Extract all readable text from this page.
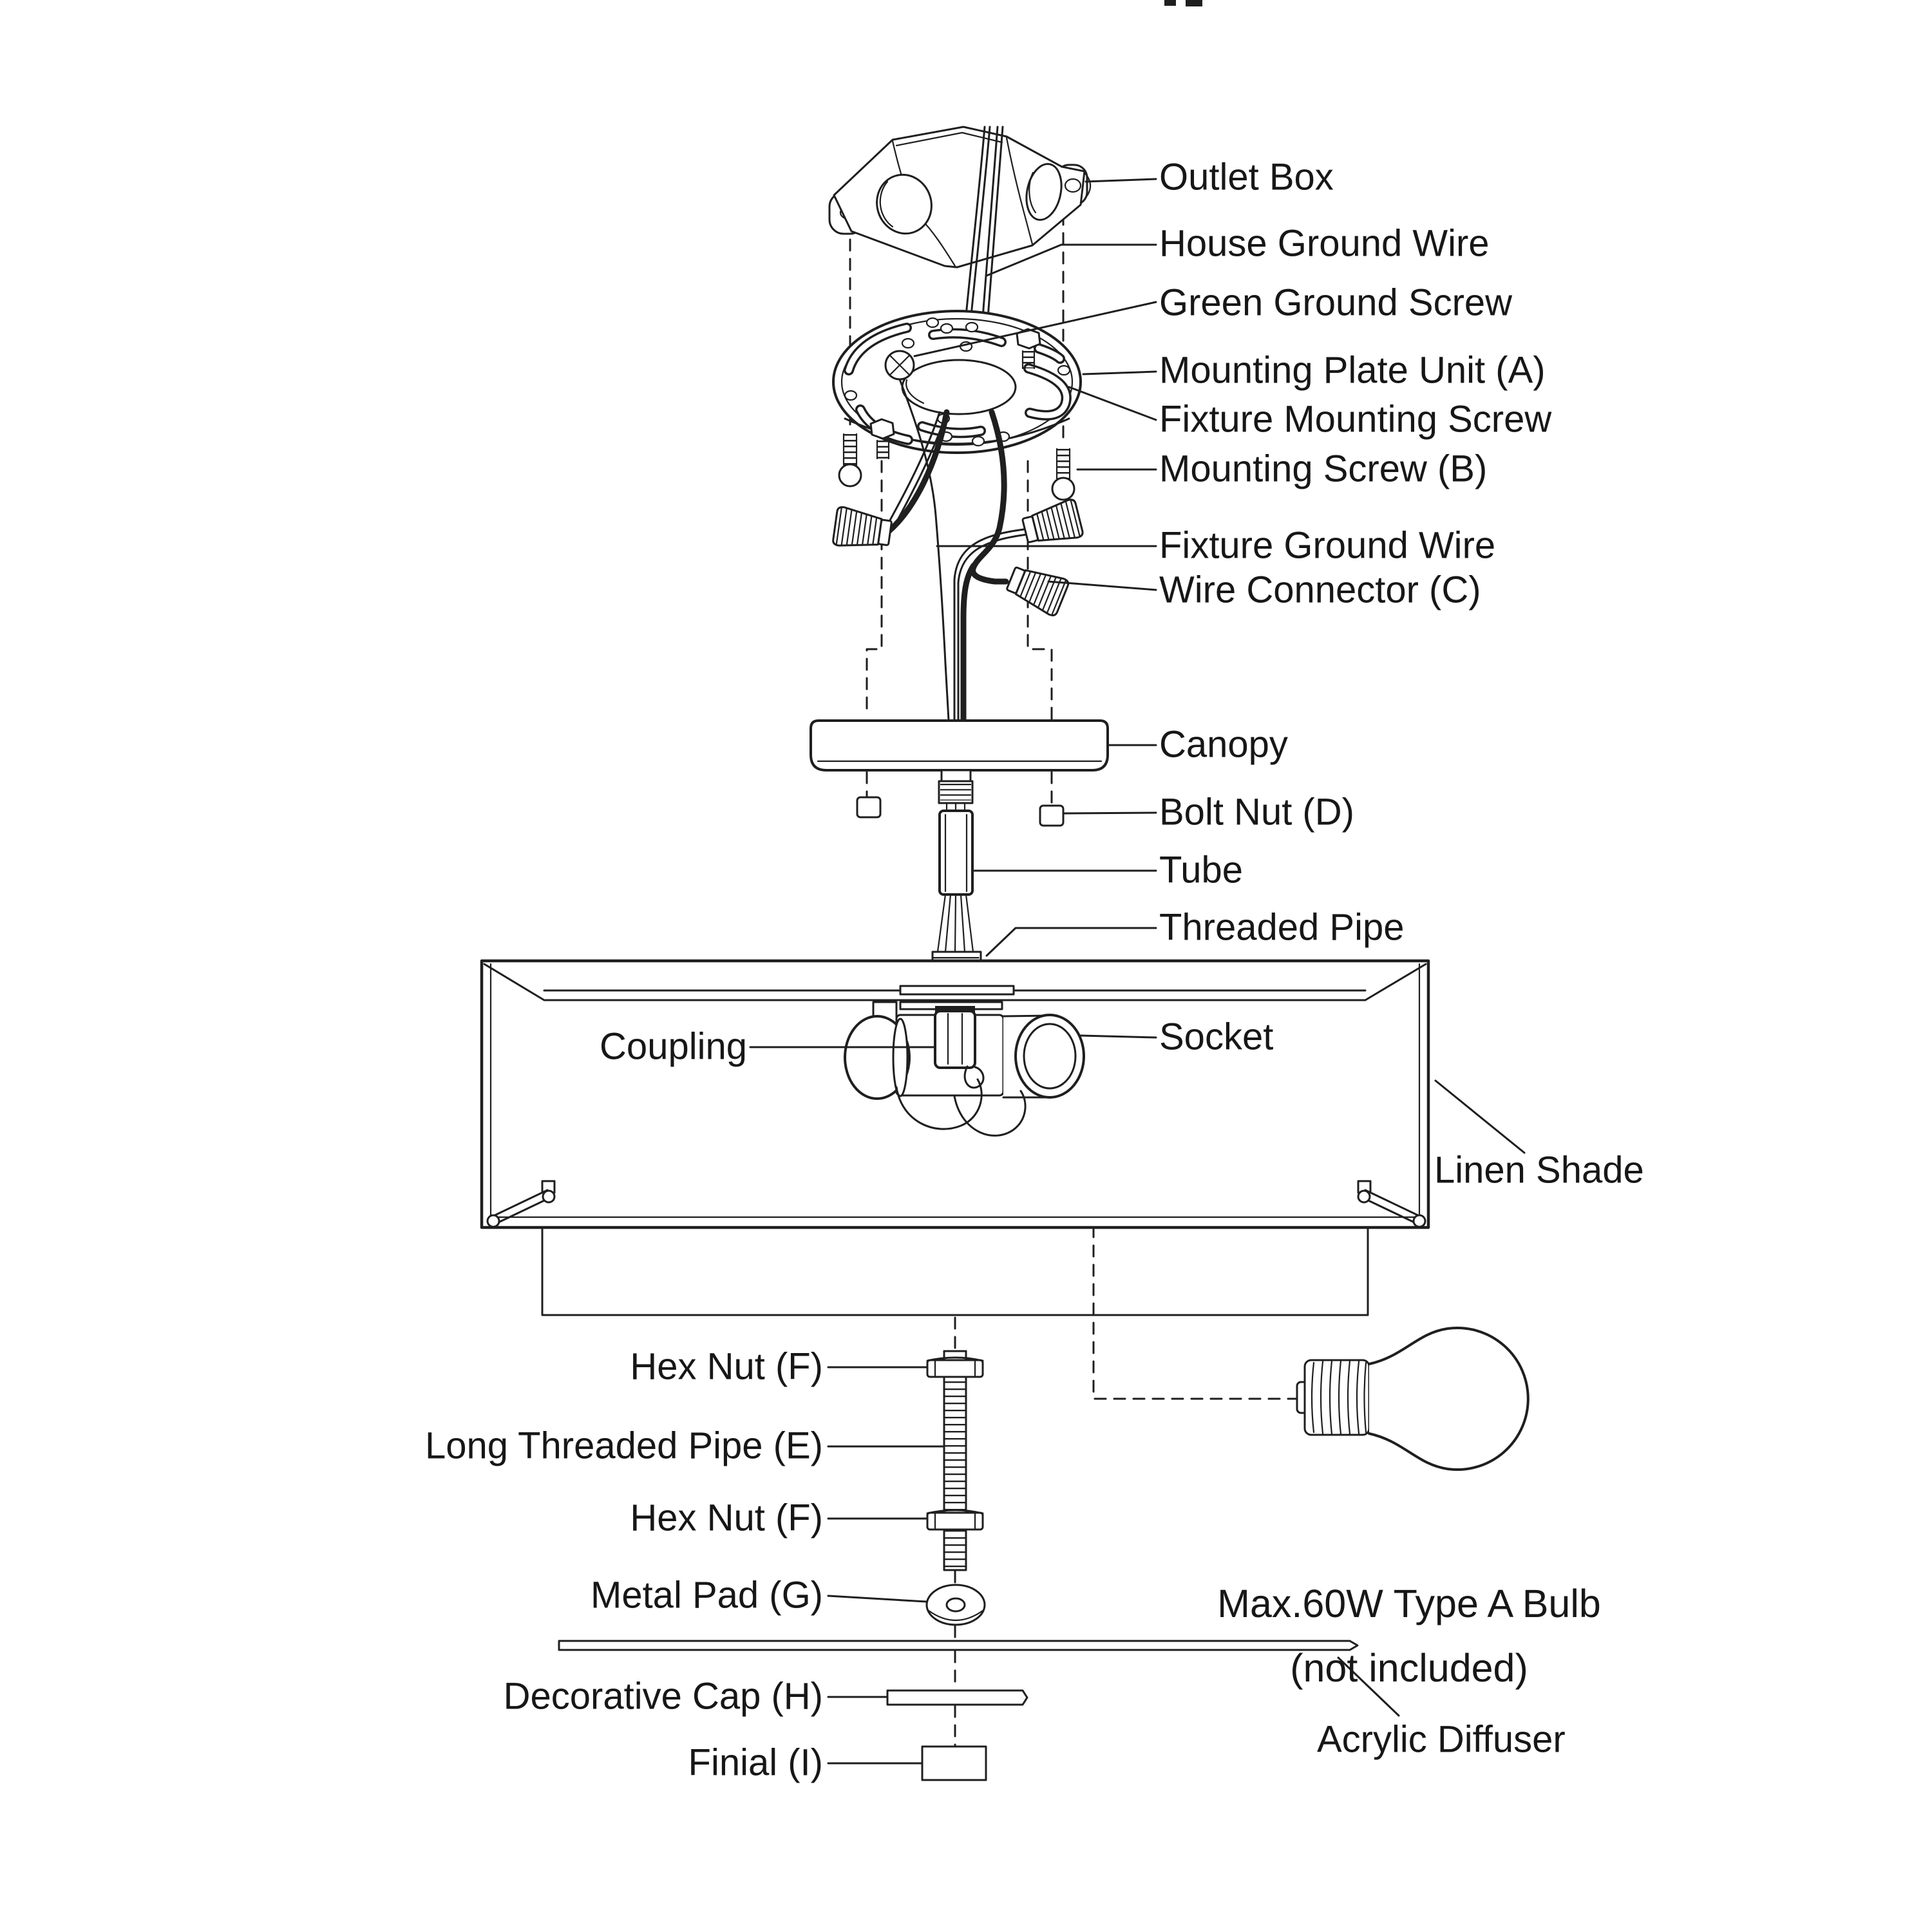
Outlet Box
House Ground Wire
Green Ground Screw
Mounting Plate Unit (A)
Fixture Mounting Screw
Mounting Screw (B)
Fixture Ground Wire
Wire Connector (C)
Canopy
Bolt Nut (D)
Tube
Threaded Pipe
Socket
Coupling
Linen Shade
Hex Nut (F)
Long Threaded Pipe (E)
Hex Nut (F)
Metal Pad (G)
Decorative Cap (H)
Finial (I)
Max.60W Type A Bulb
(not included)
Acrylic Diffuser
